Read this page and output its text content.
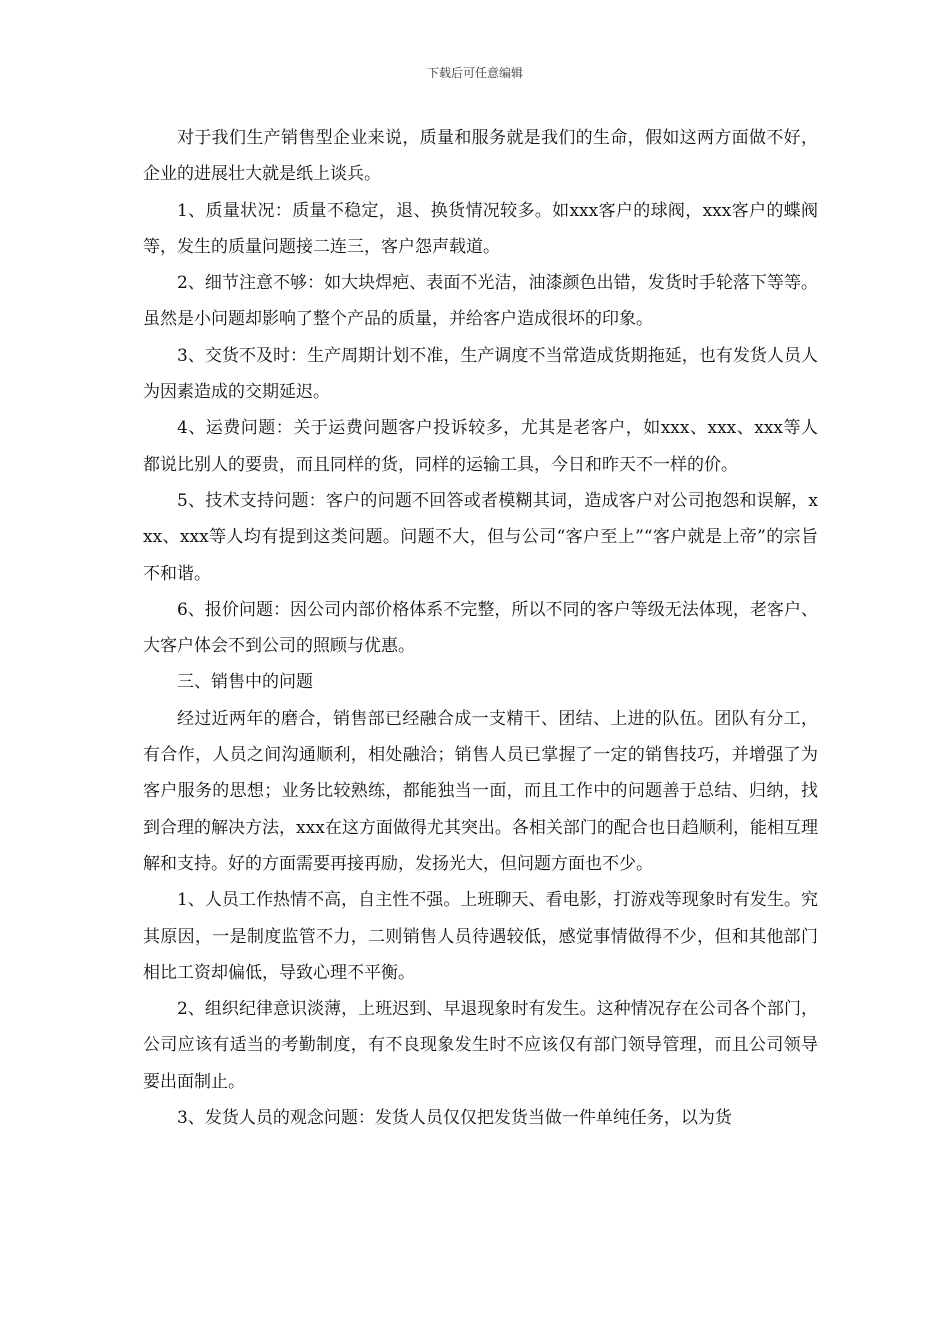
下载后可任意编辑

对于我们生产销售型企业来说，质量和服务就是我们的生命，假如这两方面做不好，企业的进展壮大就是纸上谈兵。

1、质量状况：质量不稳定，退、换货情况较多。如xxx客户的球阀，xxx客户的蝶阀等，发生的质量问题接二连三，客户怨声载道。

2、细节注意不够：如大块焊疤、表面不光洁，油漆颜色出错，发货时手轮落下等等。虽然是小问题却影响了整个产品的质量，并给客户造成很坏的印象。

3、交货不及时：生产周期计划不准，生产调度不当常造成货期拖延，也有发货人员人为因素造成的交期延迟。

4、运费问题：关于运费问题客户投诉较多，尤其是老客户，如xxx、xxx、xxx等人都说比别人的要贵，而且同样的货，同样的运输工具，今日和昨天不一样的价。

5、技术支持问题：客户的问题不回答或者模糊其词，造成客户对公司抱怨和误解，xxx、xxx等人均有提到这类问题。问题不大，但与公司“客户至上”“客户就是上帝”的宗旨不和谐。

6、报价问题：因公司内部价格体系不完整，所以不同的客户等级无法体现，老客户、大客户体会不到公司的照顾与优惠。

三、销售中的问题

经过近两年的磨合，销售部已经融合成一支精干、团结、上进的队伍。团队有分工，有合作，人员之间沟通顺利，相处融洽；销售人员已掌握了一定的销售技巧，并增强了为客户服务的思想；业务比较熟练，都能独当一面，而且工作中的问题善于总结、归纳，找到合理的解决方法，xxx在这方面做得尤其突出。各相关部门的配合也日趋顺利，能相互理解和支持。好的方面需要再接再励，发扬光大，但问题方面也不少。

1、人员工作热情不高，自主性不强。上班聊天、看电影，打游戏等现象时有发生。究其原因，一是制度监管不力，二则销售人员待遇较低，感觉事情做得不少，但和其他部门相比工资却偏低，导致心理不平衡。

2、组织纪律意识淡薄，上班迟到、早退现象时有发生。这种情况存在公司各个部门，公司应该有适当的考勤制度，有不良现象发生时不应该仅有部门领导管理，而且公司领导要出面制止。

3、发货人员的观念问题：发货人员仅仅把发货当做一件单纯任务，以为货
